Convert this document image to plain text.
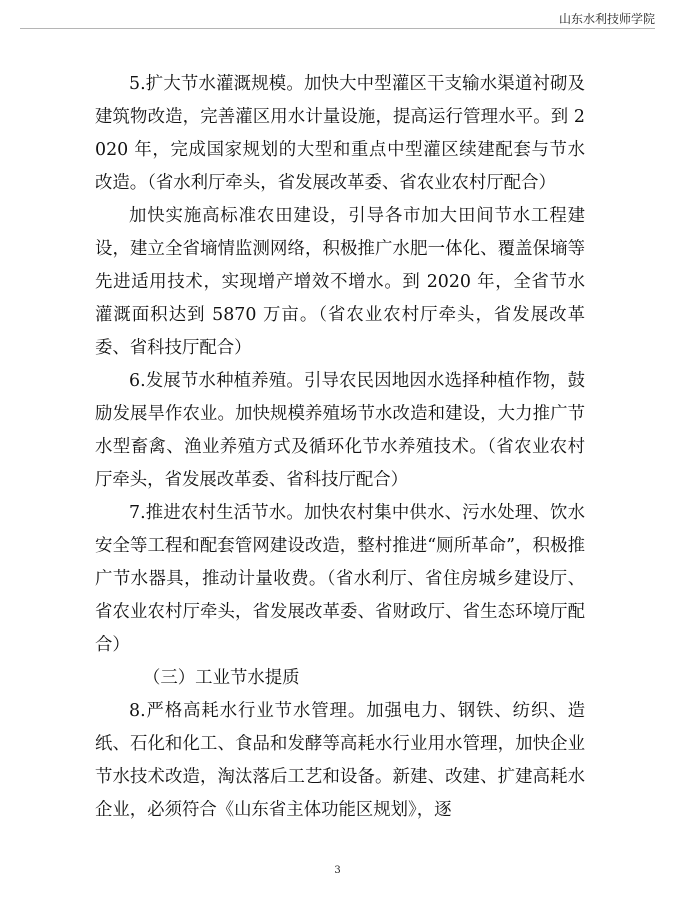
山东水利技师学院

5.扩大节水灌溉规模。加快大中型灌区干支输水渠道衬砌及建筑物改造，完善灌区用水计量设施，提高运行管理水平。到 2020 年，完成国家规划的大型和重点中型灌区续建配套与节水改造。（省水利厅牵头，省发展改革委、省农业农村厅配合）

加快实施高标准农田建设，引导各市加大田间节水工程建设，建立全省墒情监测网络，积极推广水肥一体化、覆盖保墒等先进适用技术，实现增产增效不增水。到 2020 年，全省节水灌溉面积达到 5870 万亩。（省农业农村厅牵头，省发展改革委、省科技厅配合）

6.发展节水种植养殖。引导农民因地因水选择种植作物，鼓励发展旱作农业。加快规模养殖场节水改造和建设，大力推广节水型畜禽、渔业养殖方式及循环化节水养殖技术。（省农业农村厅牵头，省发展改革委、省科技厅配合）

7.推进农村生活节水。加快农村集中供水、污水处理、饮水安全等工程和配套管网建设改造，整村推进“厕所革命”，积极推广节水器具，推动计量收费。（省水利厅、省住房城乡建设厅、省农业农村厅牵头，省发展改革委、省财政厅、省生态环境厅配合）

（三）工业节水提质

8.严格高耗水行业节水管理。加强电力、钢铁、纺织、造纸、石化和化工、食品和发酵等高耗水行业用水管理，加快企业节水技术改造，淘汰落后工艺和设备。新建、改建、扩建高耗水企业，必须符合《山东省主体功能区规划》，逐

3
